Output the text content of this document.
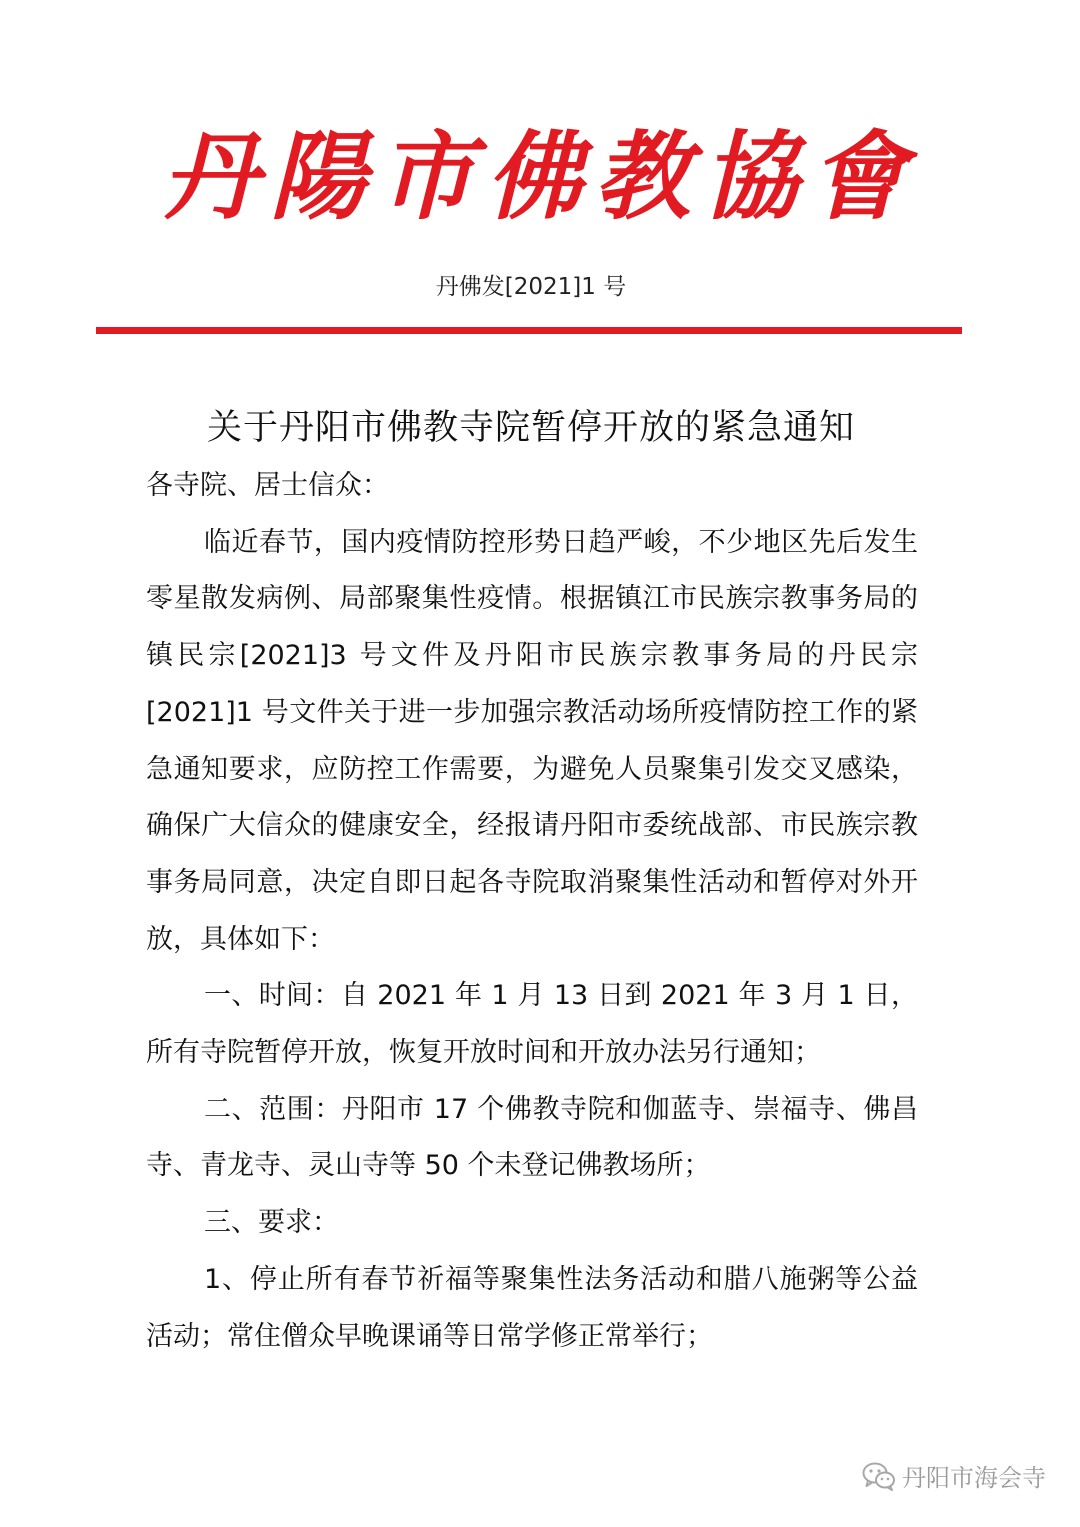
丹陽市佛教協會
丹佛发[2021]1 号
关于丹阳市佛教寺院暂停开放的紧急通知

各寺院、居士信众：

临近春节，国内疫情防控形势日趋严峻，不少地区先后发生零星散发病例、局部聚集性疫情。根据镇江市民族宗教事务局的镇民宗[2021]3 号文件及丹阳市民族宗教事务局的丹民宗[2021]1 号文件关于进一步加强宗教活动场所疫情防控工作的紧急通知要求，应防控工作需要，为避免人员聚集引发交叉感染，确保广大信众的健康安全，经报请丹阳市委统战部、市民族宗教事务局同意，决定自即日起各寺院取消聚集性活动和暂停对外开放，具体如下：

一、时间：自 2021 年 1 月 13 日到 2021 年 3 月 1 日，所有寺院暂停开放，恢复开放时间和开放办法另行通知；

二、范围：丹阳市 17 个佛教寺院和伽蓝寺、崇福寺、佛昌寺、青龙寺、灵山寺等 50 个未登记佛教场所；

三、要求：

1、停止所有春节祈福等聚集性法务活动和腊八施粥等公益活动；常住僧众早晚课诵等日常学修正常举行；

丹阳市海会寺
